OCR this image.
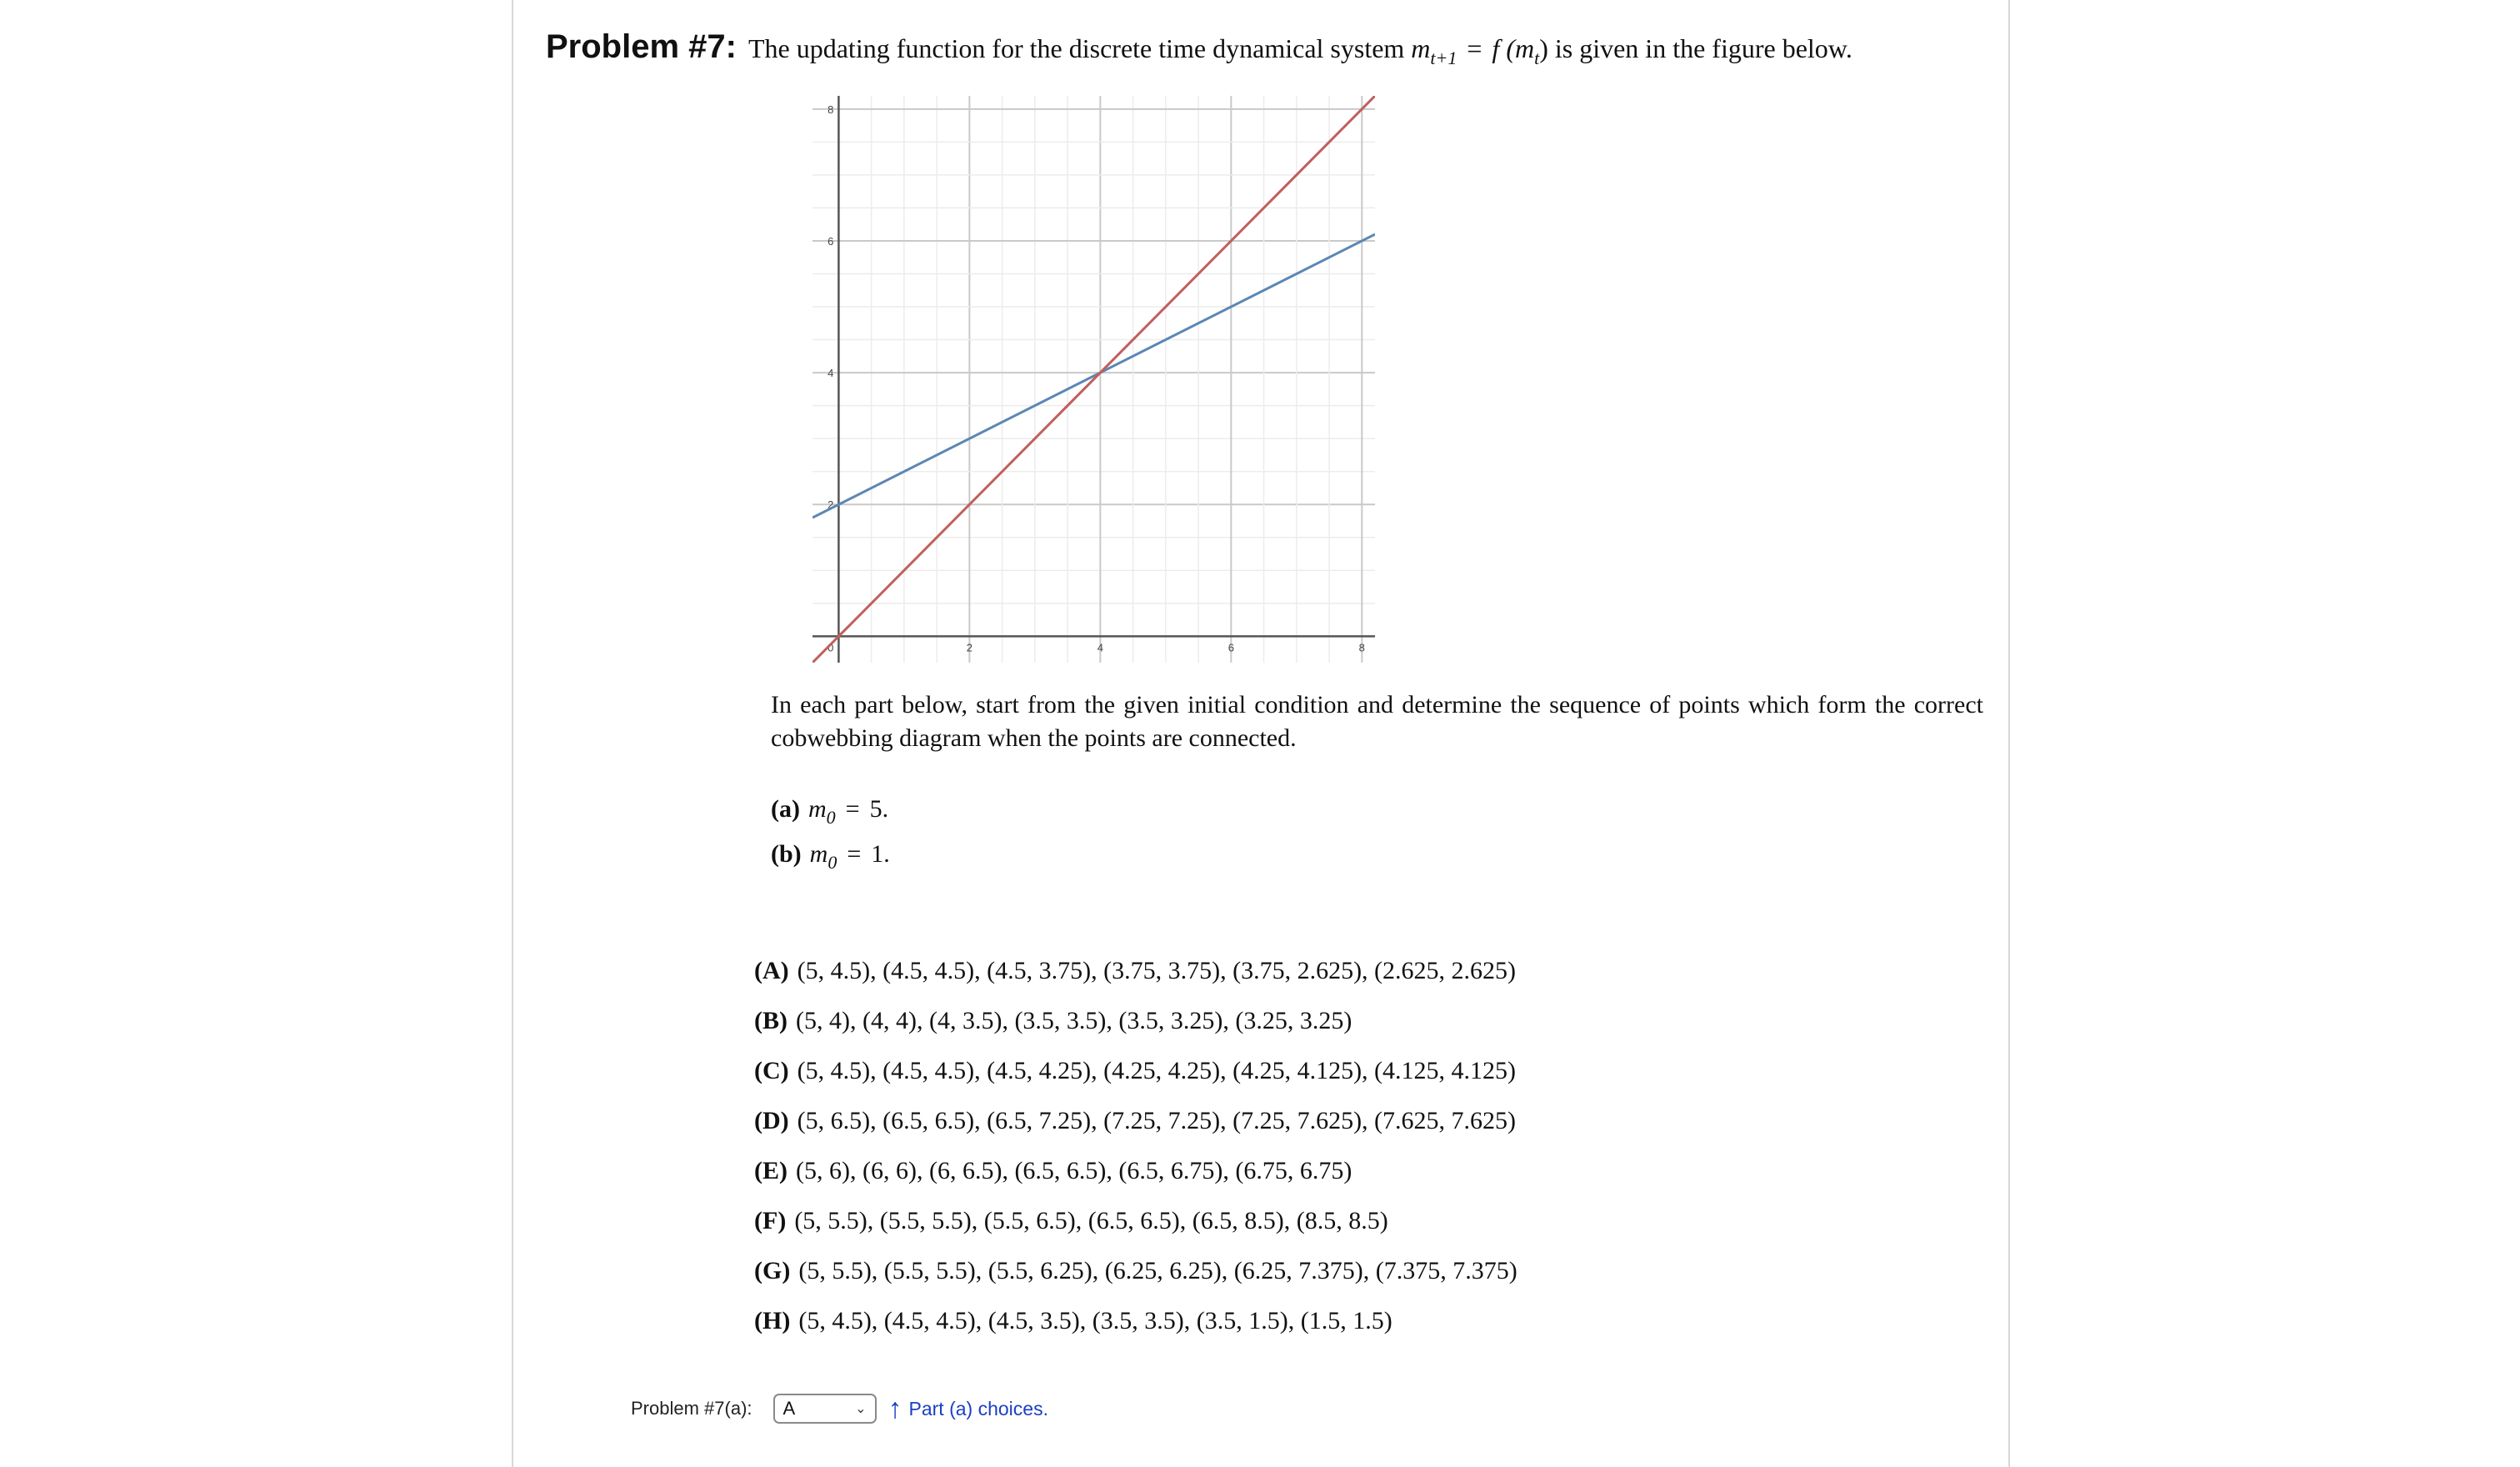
Problem #7: The updating function for the discrete time dynamical system $m_{t+1} = f$ $(m_t)$ is given in the figure below.
2	4	6	8
2
4
6
8
0
In each part below, start from the given initial condition and determine the sequence of points which form the correct cobwebbing diagram when the points are connected.
(a) $m_0 = 5$.
(b) $m_0 = 1$.
(A) (5, 4.5), (4.5, 4.5), (4.5, 3.75), (3.75, 3.75), (3.75, 2.625), (2.625, 2.625)
(B) (5, 4), (4, 4), (4, 3.5), (3.5, 3.5), (3.5, 3.25), (3.25, 3.25)
(C) (5, 4.5), (4.5, 4.5), (4.5, 4.25), (4.25, 4.25), (4.25, 4.125), (4.125, 4.125)
(D) (5, 6.5), (6.5, 6.5), (6.5, 7.25), (7.25, 7.25), (7.25, 7.625), (7.625, 7.625)
(E) (5, 6), (6, 6), (6, 6.5), (6.5, 6.5), (6.5, 6.75), (6.75, 6.75)
(F) (5, 5.5), (5.5, 5.5), (5.5, 6.5), (6.5, 6.5), (6.5, 8.5), (8.5, 8.5)
(G) (5, 5.5), (5.5, 5.5), (5.5, 6.25), (6.25, 6.25), (6.25, 7.375), (7.375, 7.375)
(H) (5, 4.5), (4.5, 4.5), (4.5, 3.5), (3.5, 3.5), (3.5, 1.5), (1.5, 1.5)
Problem #7(a): A	⌄ ↑ Part (a) choices.
